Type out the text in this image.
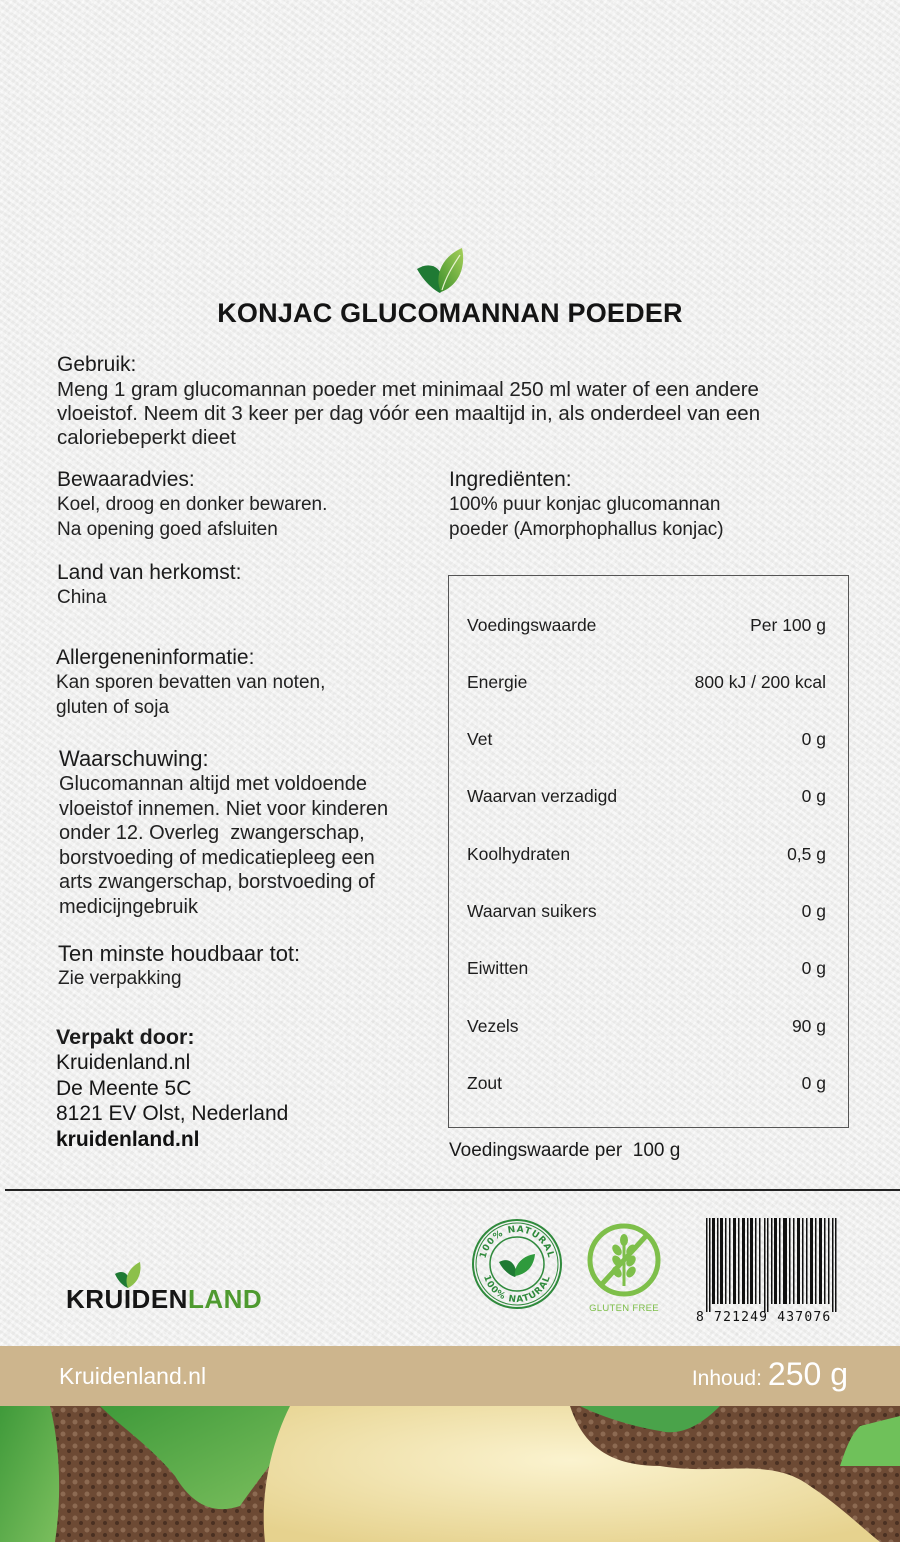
KONJAC GLUCOMANNAN POEDER
Gebruik:
Meng 1 gram glucomannan poeder met minimaal 250 ml water of een andere
vloeistof. Neem dit 3 keer per dag vóór een maaltijd in, als onderdeel van een
caloriebeperkt dieet
Bewaaradvies:
Koel, droog en donker bewaren.
Na opening goed afsluiten
Ingrediënten:
100% puur konjac glucomannan
poeder (Amorphophallus konjac)
Land van herkomst:
China
Allergeneninformatie:
Kan sporen bevatten van noten,
gluten of soja
Waarschuwing:
Glucomannan altijd met voldoende
vloeistof innemen. Niet voor kinderen
onder 12. Overleg  zwangerschap,
borstvoeding of medicatiepleeg een
arts zwangerschap, borstvoeding of
medicijngebruik
Ten minste houdbaar tot:
Zie verpakking
Verpakt door:
Kruidenland.nl
De Meente 5C
8121 EV Olst, Nederland
kruidenland.nl
Voedingswaarde	Per 100 g
Energie	800 kJ / 200 kcal
Vet	0 g
Waarvan verzadigd	0 g
Koolhydraten	0,5 g
Waarvan suikers	0 g
Eiwitten	0 g
Vezels	90 g
Zout	0 g
Voedingswaarde per  100 g
KRUIDENLAND
100% NATURAL
100% NATURAL
GLUTEN FREE
8 721249 437076
Kruidenland.nl	Inhoud: 250 g
